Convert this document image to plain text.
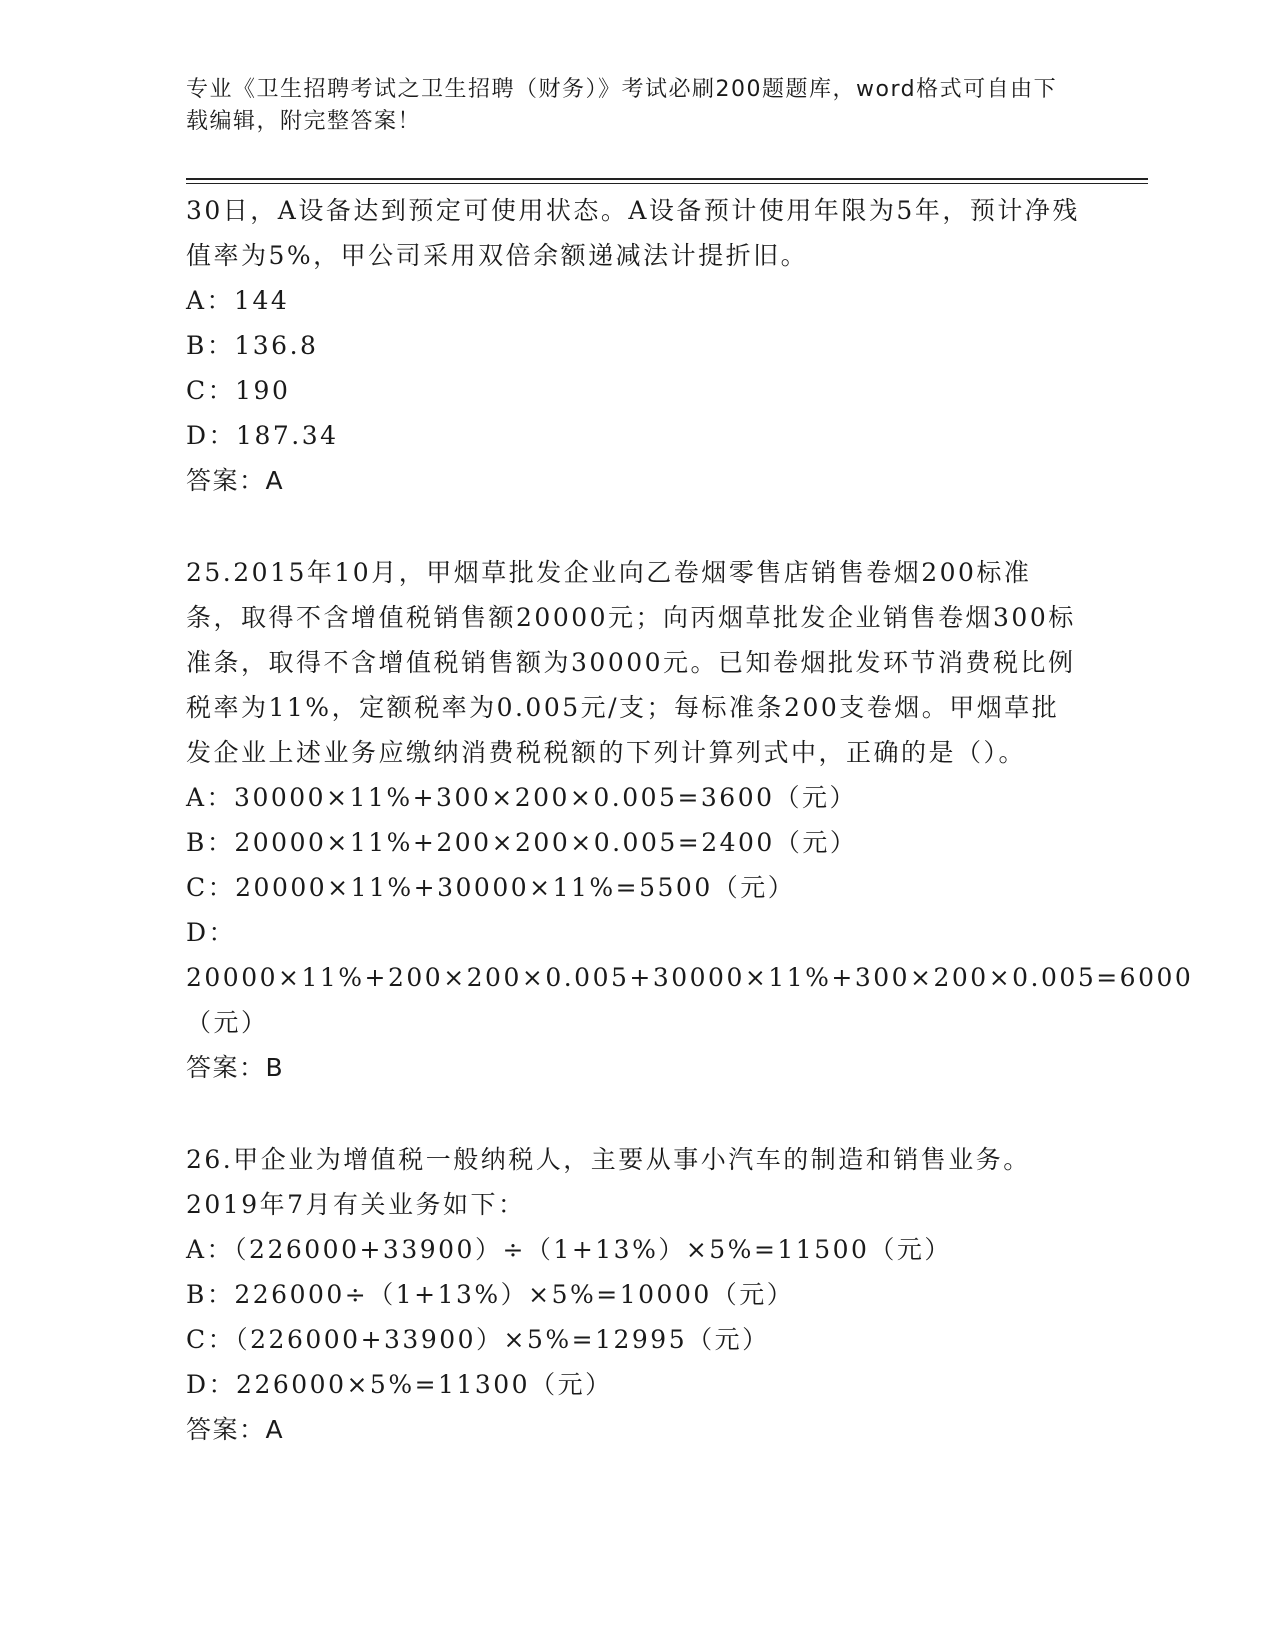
专业《卫生招聘考试之卫生招聘（财务）》考试必刷200题题库，word格式可自由下载编辑，附完整答案！

30日，A设备达到预定可使用状态。A设备预计使用年限为5年，预计净残值率为5%，甲公司采用双倍余额递减法计提折旧。

A：144

B：136.8

C：190

D：187.34

答案：A

25.2015年10月，甲烟草批发企业向乙卷烟零售店销售卷烟200标准条，取得不含增值税销售额20000元；向丙烟草批发企业销售卷烟300标准条，取得不含增值税销售额为30000元。已知卷烟批发环节消费税比例税率为11%，定额税率为0.005元/支；每标准条200支卷烟。甲烟草批发企业上述业务应缴纳消费税税额的下列计算列式中，正确的是（）。

A：30000×11%+300×200×0.005=3600（元）

B：20000×11%+200×200×0.005=2400（元）

C：20000×11%+30000×11%=5500（元）

D：20000×11%+200×200×0.005+30000×11%+300×200×0.005=6000（元）

答案：B

26.甲企业为增值税一般纳税人，主要从事小汽车的制造和销售业务。2019年7月有关业务如下：

A：（226000+33900）÷（1+13%）×5%=11500（元）

B：226000÷（1+13%）×5%=10000（元）

C：（226000+33900）×5%=12995（元）

D：226000×5%=11300（元）

答案：A
